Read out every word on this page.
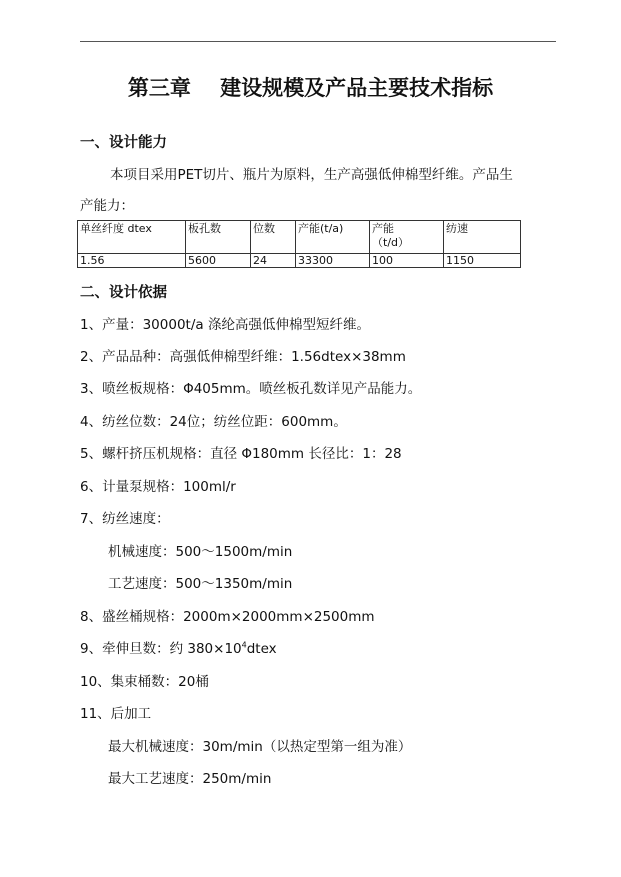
第三章    建设规模及产品主要技术指标
一、设计能力
本项目采用PET切片、瓶片为原料，生产高强低伸棉型纤维。产品生
产能力：
单丝纤度 dtex	板孔数	位数	产能(t/a)	产能
（t/d）	纺速
1.56	5600	24	33300	100	1150
二、设计依据
1、产量：30000t/a 涤纶高强低伸棉型短纤维。
2、产品品种：高强低伸棉型纤维：1.56dtex×38mm
3、喷丝板规格：Φ405mm。喷丝板孔数详见产品能力。
4、纺丝位数：24位；纺丝位距：600mm。
5、螺杆挤压机规格：直径 Φ180mm 长径比：1：28
6、计量泵规格：100ml/r
7、纺丝速度：
机械速度：500～1500m/min
工艺速度：500～1350m/min
8、盛丝桶规格：2000m×2000mm×2500mm
9、牵伸旦数：约 $380\times 10^4dtex$
10、集束桶数：20桶
11、后加工
最大机械速度：30m/min（以热定型第一组为准）
最大工艺速度：250m/min
